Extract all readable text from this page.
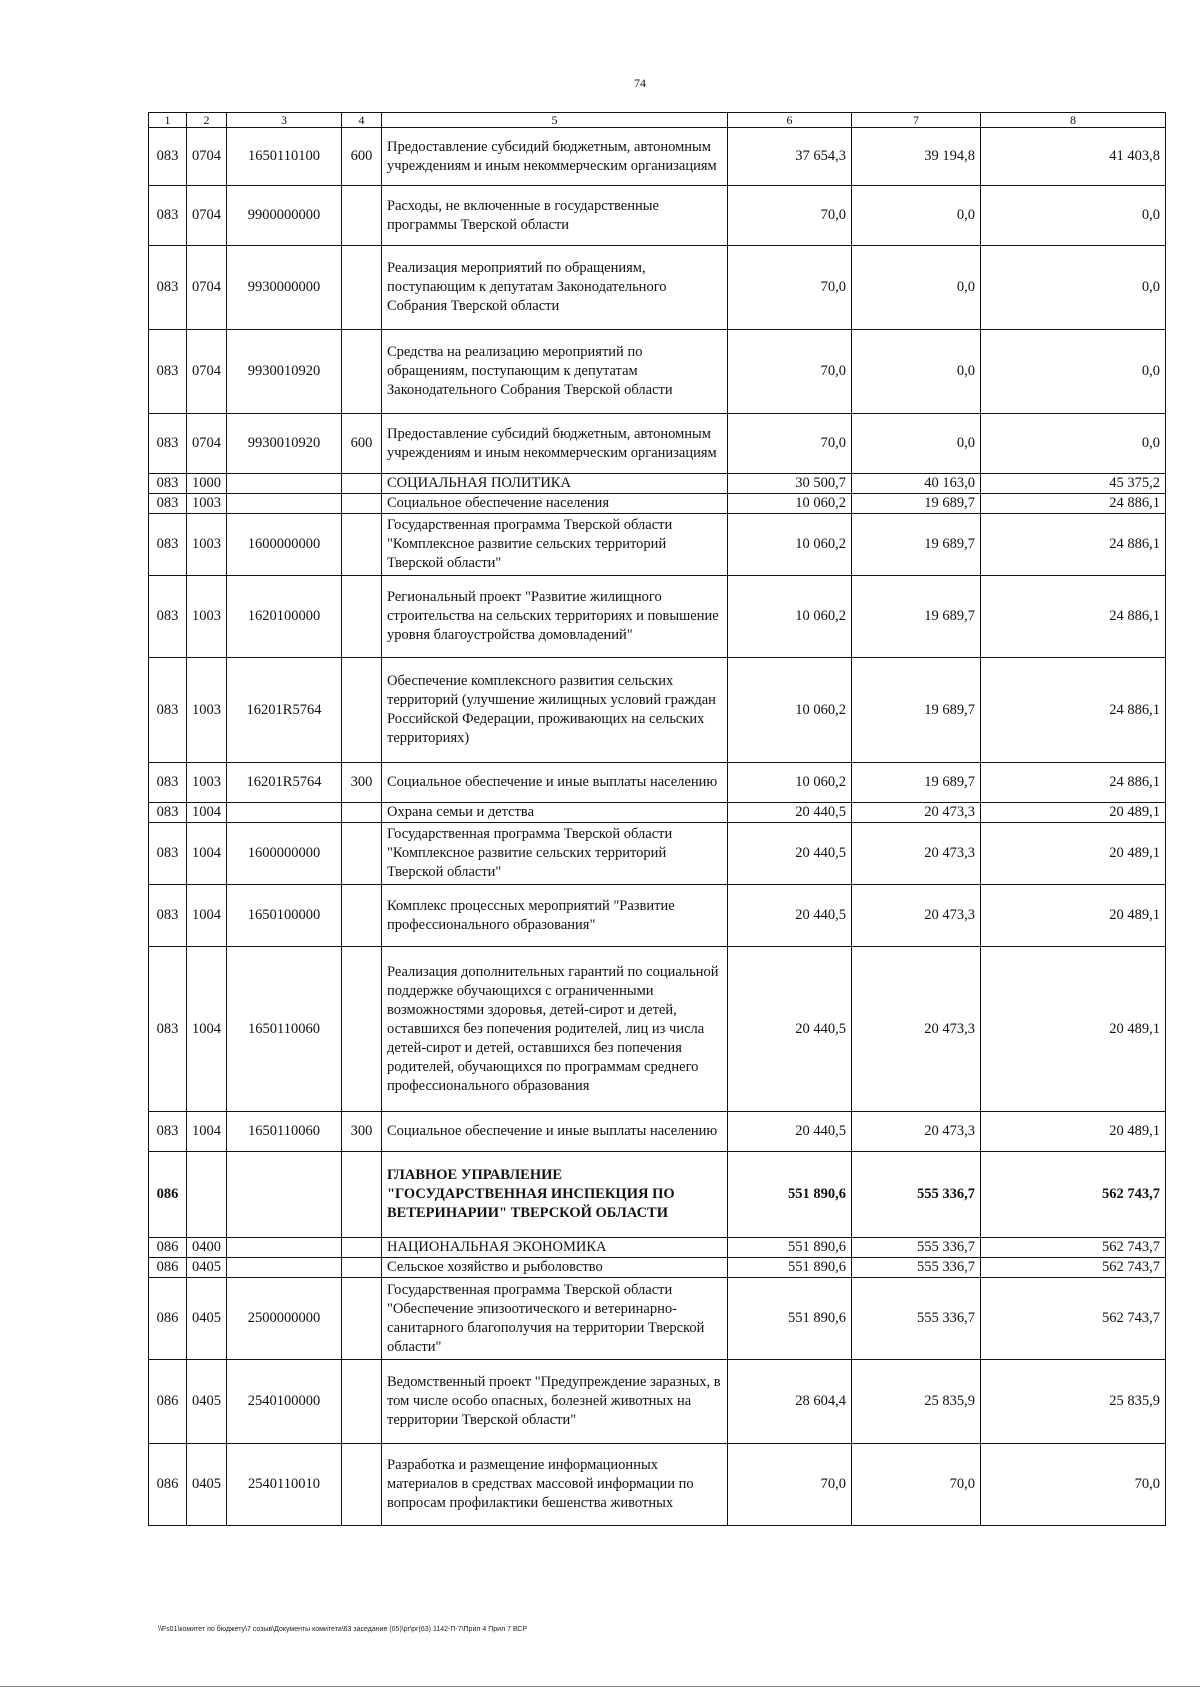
74
1	2	3	4	5	6	7	8
083	0704	1650110100	600	Предоставление субсидий бюджетным, автономным учреждениям и иным некоммерческим организациям	37 654,3	39 194,8	41 403,8
083	0704	9900000000		Расходы, не включенные в государственные программы Тверской области	70,0	0,0	0,0
083	0704	9930000000		Реализация мероприятий по обращениям, поступающим к депутатам Законодательного Собрания Тверской области	70,0	0,0	0,0
083	0704	9930010920		Средства на реализацию мероприятий по обращениям, поступающим к депутатам Законодательного Собрания Тверской области	70,0	0,0	0,0
083	0704	9930010920	600	Предоставление субсидий бюджетным, автономным учреждениям и иным некоммерческим организациям	70,0	0,0	0,0
083	1000			СОЦИАЛЬНАЯ ПОЛИТИКА	30 500,7	40 163,0	45 375,2
083	1003			Социальное обеспечение населения	10 060,2	19 689,7	24 886,1
083	1003	1600000000		Государственная программа Тверской области "Комплексное развитие сельских территорий Тверской области"	10 060,2	19 689,7	24 886,1
083	1003	1620100000		Региональный проект "Развитие жилищного строительства на сельских территориях и повышение уровня благоустройства домовладений"	10 060,2	19 689,7	24 886,1
083	1003	16201R5764		Обеспечение комплексного развития сельских территорий (улучшение жилищных условий граждан Российской Федерации, проживающих на сельских территориях)	10 060,2	19 689,7	24 886,1
083	1003	16201R5764	300	Социальное обеспечение и иные выплаты населению	10 060,2	19 689,7	24 886,1
083	1004			Охрана семьи и детства	20 440,5	20 473,3	20 489,1
083	1004	1600000000		Государственная программа Тверской области "Комплексное развитие сельских территорий Тверской области"	20 440,5	20 473,3	20 489,1
083	1004	1650100000		Комплекс процессных мероприятий "Развитие профессионального образования"	20 440,5	20 473,3	20 489,1
083	1004	1650110060		Реализация дополнительных гарантий по социальной поддержке обучающихся с ограниченными возможностями здоровья, детей-сирот и детей, оставшихся без попечения родителей, лиц из числа детей-сирот и детей, оставшихся без попечения родителей, обучающихся по программам среднего профессионального образования	20 440,5	20 473,3	20 489,1
083	1004	1650110060	300	Социальное обеспечение и иные выплаты населению	20 440,5	20 473,3	20 489,1
086				ГЛАВНОЕ УПРАВЛЕНИЕ "ГОСУДАРСТВЕННАЯ ИНСПЕКЦИЯ ПО ВЕТЕРИНАРИИ" ТВЕРСКОЙ ОБЛАСТИ	551 890,6	555 336,7	562 743,7
086	0400			НАЦИОНАЛЬНАЯ ЭКОНОМИКА	551 890,6	555 336,7	562 743,7
086	0405			Сельское хозяйство и рыболовство	551 890,6	555 336,7	562 743,7
086	0405	2500000000		Государственная программа Тверской области "Обеспечение эпизоотического и ветеринарно-санитарного благополучия на территории Тверской области"	551 890,6	555 336,7	562 743,7
086	0405	2540100000		Ведомственный проект "Предупреждение заразных, в том числе особо опасных, болезней животных на территории Тверской области"	28 604,4	25 835,9	25 835,9
086	0405	2540110010		Разработка и размещение информационных материалов в средствах массовой информации по вопросам профилактики бешенства животных	70,0	70,0	70,0
\\Fs01\комитет по бюджету\7 созыв\Документы комитета\63 заседание (05)\рг\рг(63) 1142-П-7\Прил 4 Прил 7 ВСР
